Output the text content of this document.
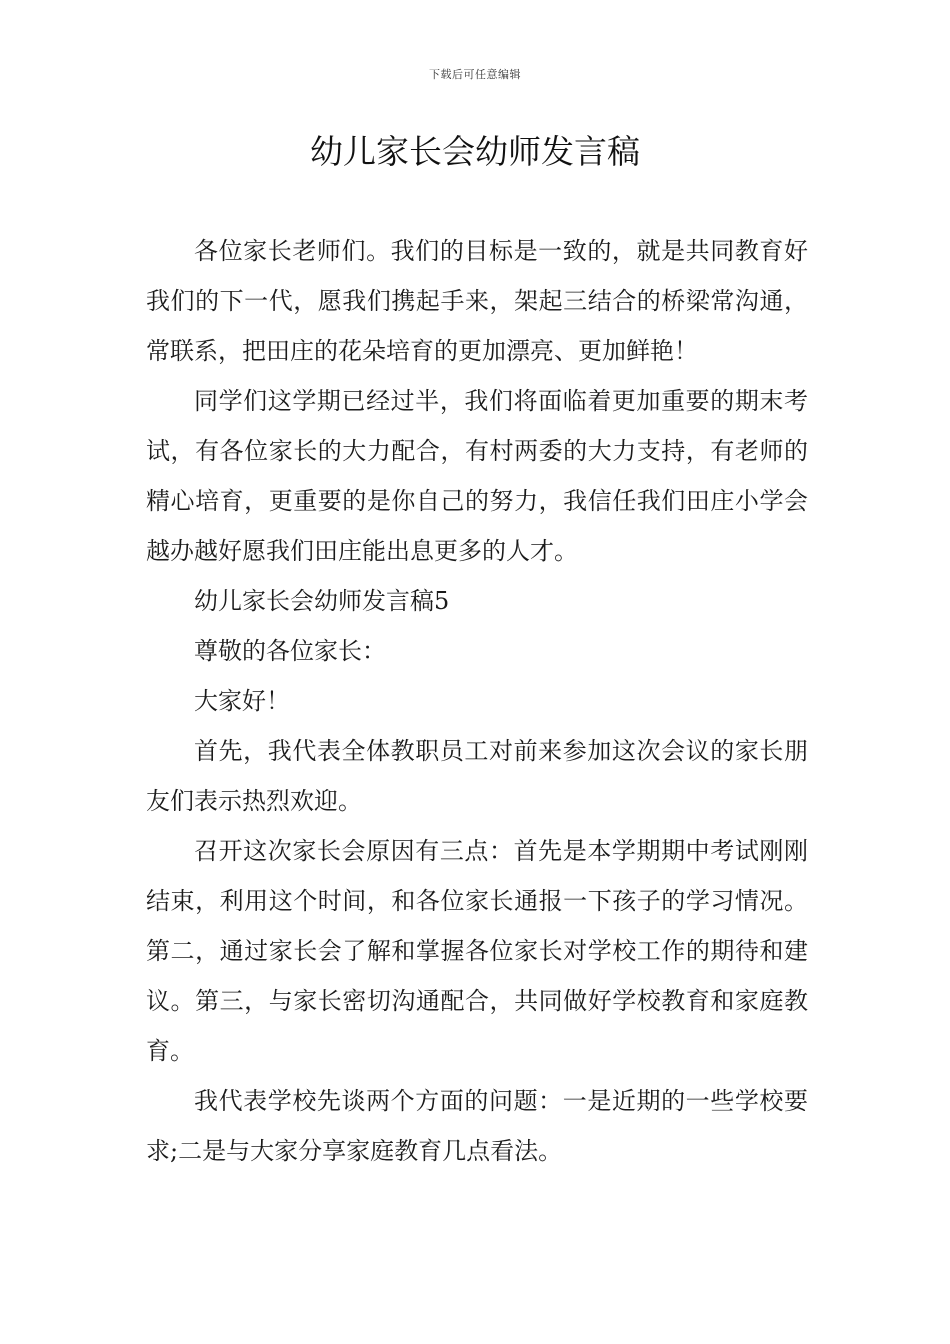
下载后可任意编辑
幼儿家长会幼师发言稿

各位家长老师们。我们的目标是一致的，就是共同教育好我们的下一代，愿我们携起手来，架起三结合的桥梁常沟通，常联系，把田庄的花朵培育的更加漂亮、更加鲜艳！

同学们这学期已经过半，我们将面临着更加重要的期末考试，有各位家长的大力配合，有村两委的大力支持，有老师的精心培育，更重要的是你自己的努力，我信任我们田庄小学会越办越好愿我们田庄能出息更多的人才。

幼儿家长会幼师发言稿5

尊敬的各位家长：

大家好！

首先，我代表全体教职员工对前来参加这次会议的家长朋友们表示热烈欢迎。

召开这次家长会原因有三点：首先是本学期期中考试刚刚结束，利用这个时间，和各位家长通报一下孩子的学习情况。第二，通过家长会了解和掌握各位家长对学校工作的期待和建议。第三，与家长密切沟通配合，共同做好学校教育和家庭教育。

我代表学校先谈两个方面的问题：一是近期的一些学校要求;二是与大家分享家庭教育几点看法。
